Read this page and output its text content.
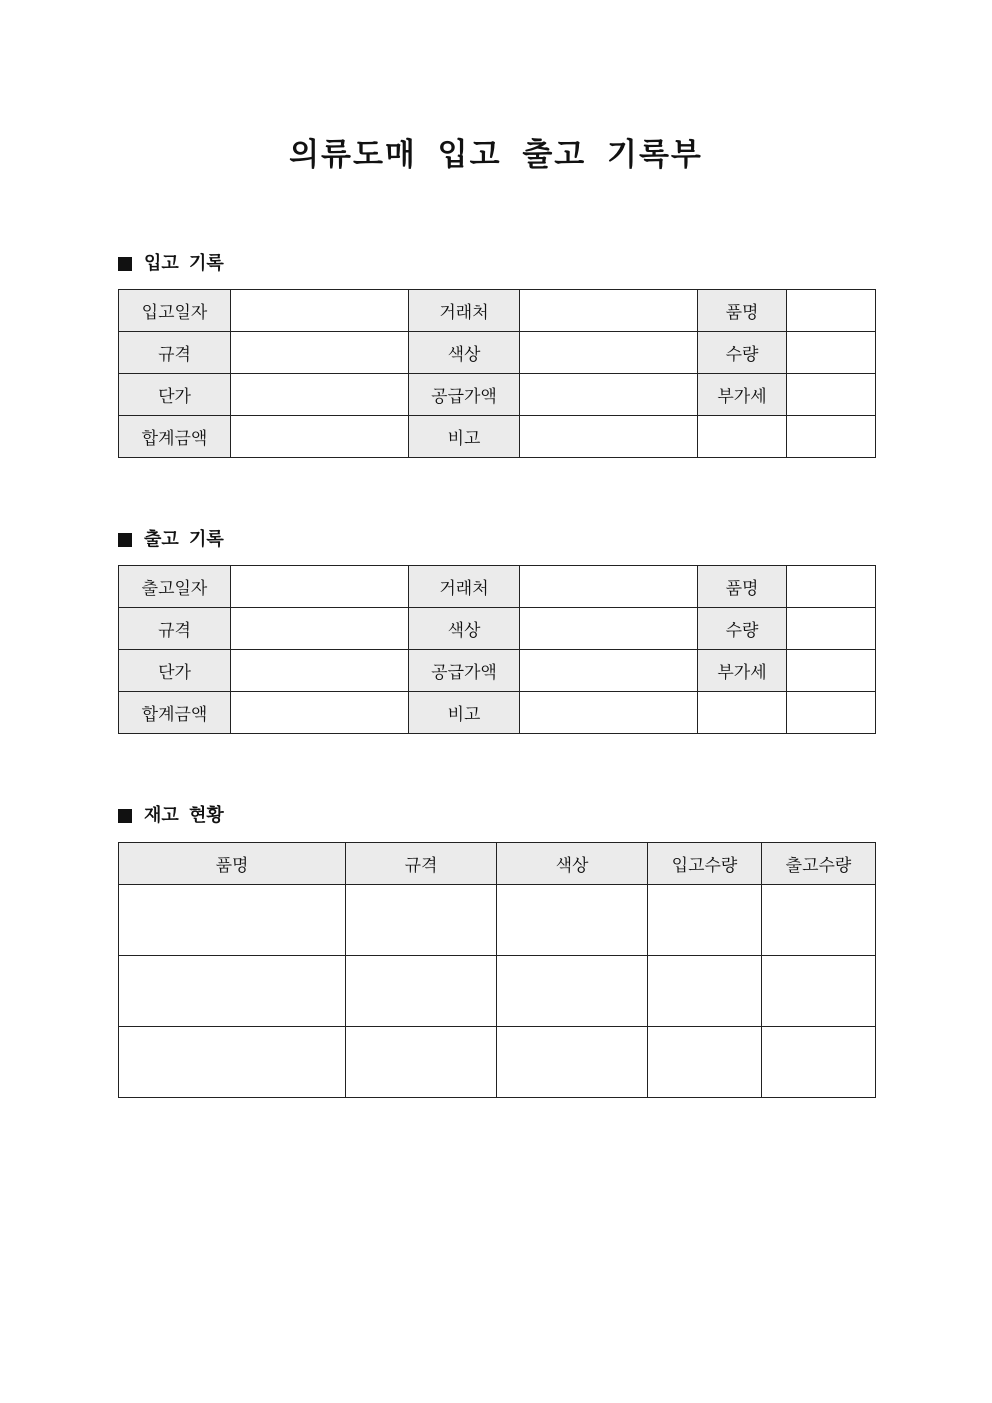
의류도매 입고 출고 기록부
입고 기록
입고일자		거래처		품명	
규격		색상		수량	
단가		공급가액		부가세	
합계금액		비고			
출고 기록
출고일자		거래처		품명	
규격		색상		수량	
단가		공급가액		부가세	
합계금액		비고			
재고 현황
품명	규격	색상	입고수량	출고수량
